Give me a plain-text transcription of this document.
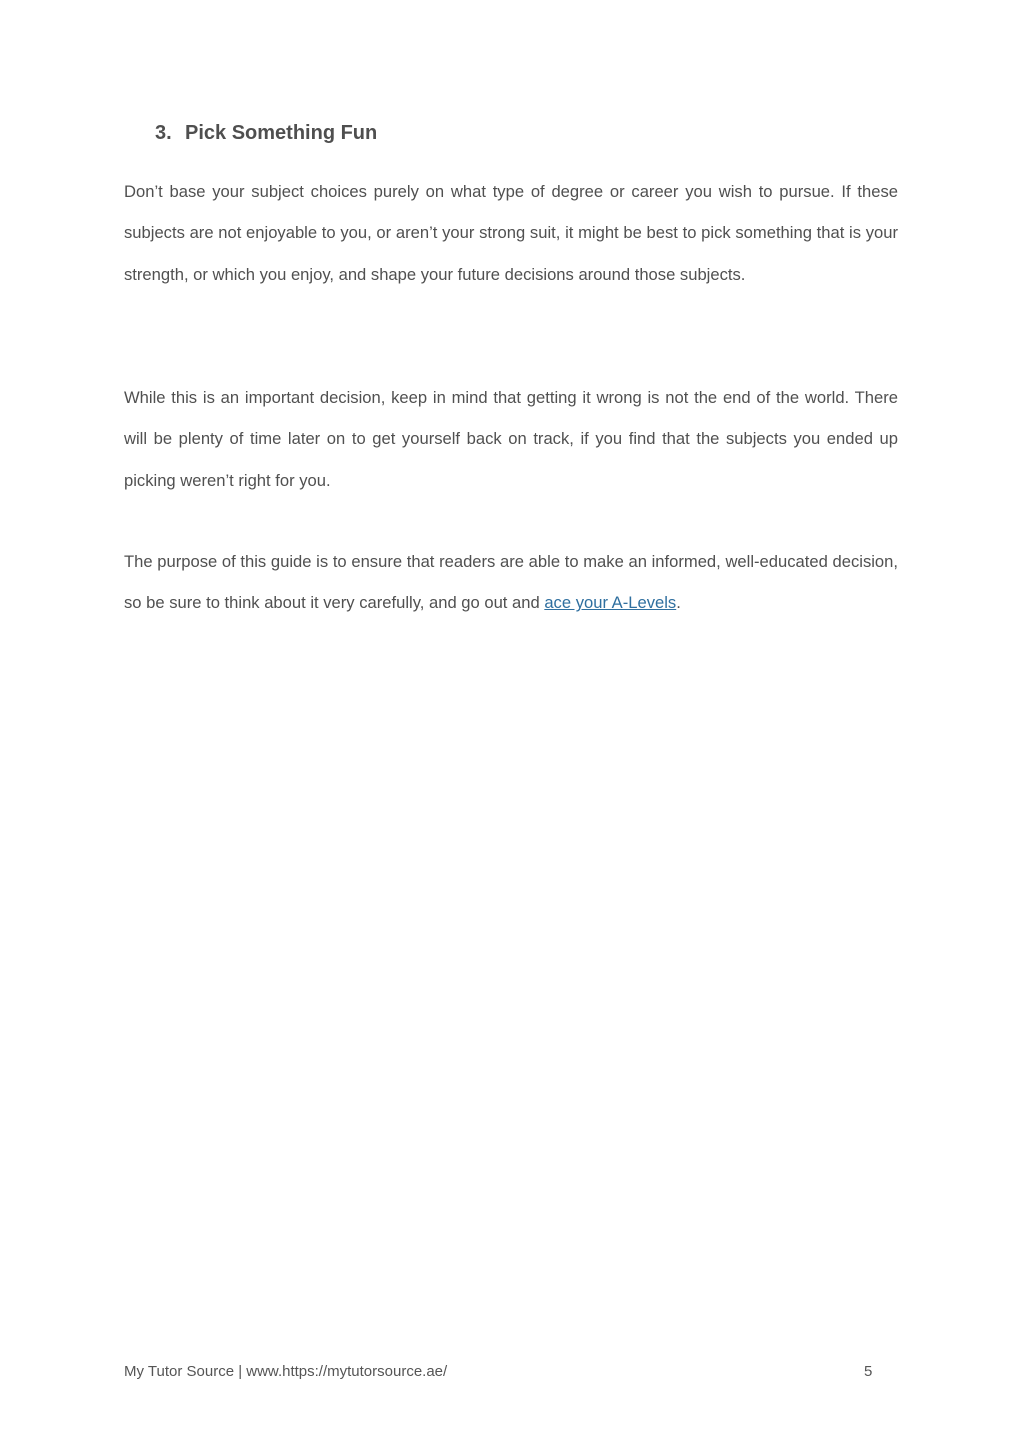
3. Pick Something Fun

Don’t base your subject choices purely on what type of degree or career you wish to pursue. If these subjects are not enjoyable to you, or aren’t your strong suit, it might be best to pick something that is your strength, or which you enjoy, and shape your future decisions around those subjects.

While this is an important decision, keep in mind that getting it wrong is not the end of the world. There will be plenty of time later on to get yourself back on track, if you find that the subjects you ended up picking weren’t right for you.

The purpose of this guide is to ensure that readers are able to make an informed, well-educated decision, so be sure to think about it very carefully, and go out and ace your A-Levels.

My Tutor Source | www.https://mytutorsource.ae/	5
